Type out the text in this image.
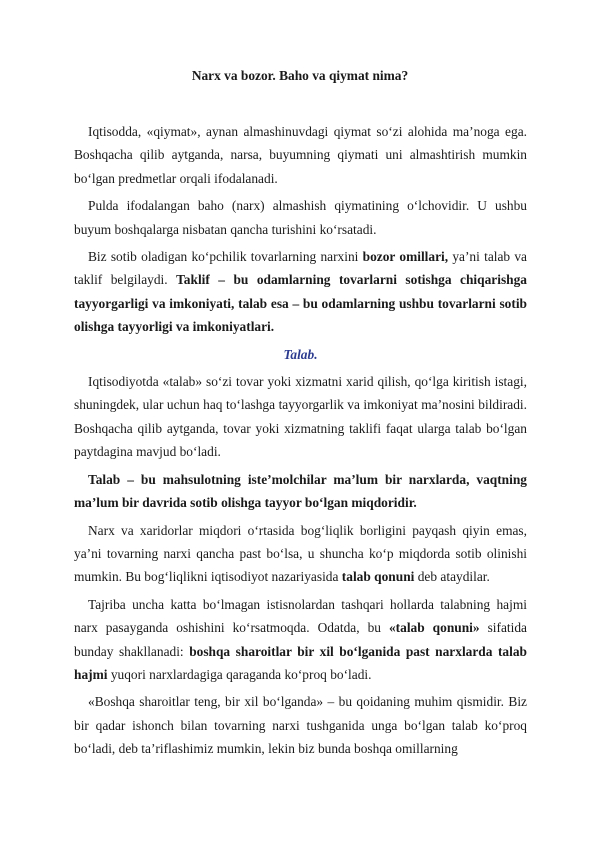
Narx va bozor. Baho va qiymat nima?

Iqtisodda, «qiymat», aynan almashinuvdagi qiymat so‘zi alohida ma’noga ega. Boshqacha qilib aytganda, narsa, buyumning qiymati uni almashtirish mumkin bo‘lgan predmetlar orqali ifodalanadi.

Pulda ifodalangan baho (narx) almashish qiymatining o‘lchovidir. U ushbu buyum boshqalarga nisbatan qancha turishini ko‘rsatadi.

Biz sotib oladigan ko‘pchilik tovarlarning narxini bozor omillari, ya’ni talab va taklif belgilaydi. Taklif – bu odamlarning tovarlarni sotishga chiqarishga tayyorgarligi va imkoniyati, talab esa – bu odamlarning ushbu tovarlarni sotib olishga tayyorligi va imkoniyatlari.

Talab.

Iqtisodiyotda «talab» so‘zi tovar yoki xizmatni xarid qilish, qo‘lga kiritish istagi, shuningdek, ular uchun haq to‘lashga tayyorgarlik va imkoniyat ma’nosini bildiradi. Boshqacha qilib aytganda, tovar yoki xizmatning taklifi faqat ularga talab bo‘lgan paytdagina mavjud bo‘ladi.

Talab – bu mahsulotning iste’molchilar ma’lum bir narxlarda, vaqtning ma’lum bir davrida sotib olishga tayyor bo‘lgan miqdoridir.

Narx va xaridorlar miqdori o‘rtasida bog‘liqlik borligini payqash qiyin emas, ya’ni tovarning narxi qancha past bo‘lsa, u shuncha ko‘p miqdorda sotib olinishi mumkin. Bu bog‘liqlikni iqtisodiyot nazariyasida talab qonuni deb ataydilar.

Tajriba uncha katta bo‘lmagan istisnolardan tashqari hollarda talabning hajmi narx pasayganda oshishini ko‘rsatmoqda. Odatda, bu «talab qonuni» sifatida bunday shakllanadi: boshqa sharoitlar bir xil bo‘lganida past narxlarda talab hajmi yuqori narxlardagiga qaraganda ko‘proq bo‘ladi.

«Boshqa sharoitlar teng, bir xil bo‘lganda» – bu qoidaning muhim qismidir. Biz bir qadar ishonch bilan tovarning narxi tushganida unga bo‘lgan talab ko‘proq bo‘ladi, deb ta’riflashimiz mumkin, lekin biz bunda boshqa omillarning
